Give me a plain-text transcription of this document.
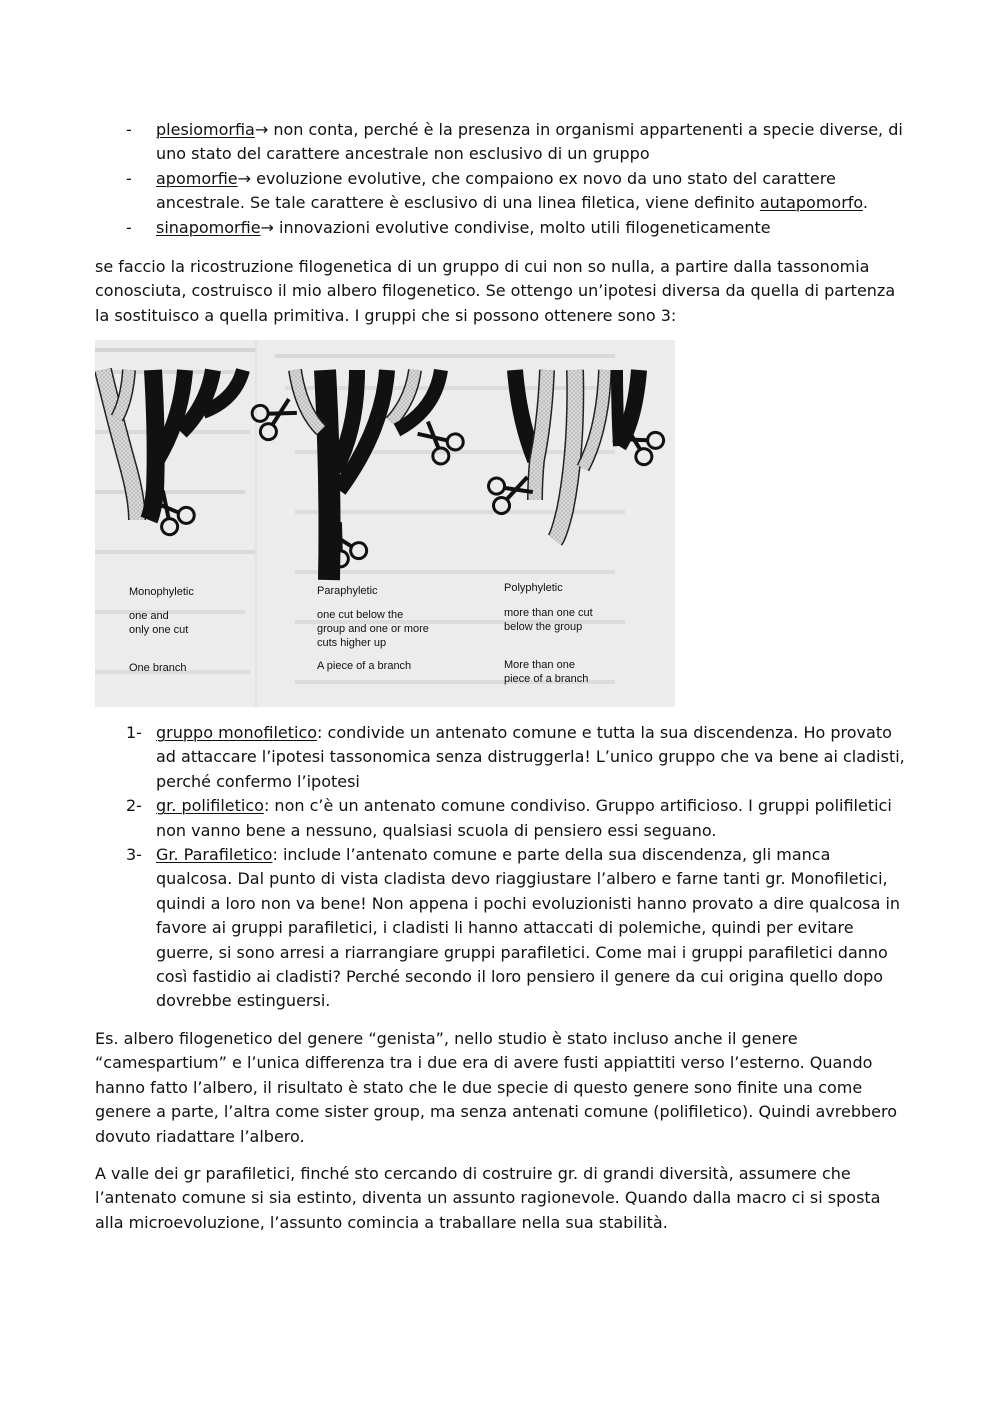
- plesiomorfia→ non conta, perché è la presenza in organismi appartenenti a specie diverse, di uno stato del carattere ancestrale non esclusivo di un gruppo
- apomorfie→ evoluzione evolutive, che compaiono ex novo da uno stato del carattere ancestrale. Se tale carattere è esclusivo di una linea filetica, viene definito autapomorfo.
- sinapomorfie→ innovazioni evolutive condivise, molto utili filogeneticamente

se faccio la ricostruzione filogenetica di un gruppo di cui non so nulla, a partire dalla tassonomia conosciuta, costruisco il mio albero filogenetico. Se ottengo un’ipotesi diversa da quella di partenza la sostituisco a quella primitiva. I gruppi che si possono ottenere sono 3:

Monophyletic
one and
only one cut
One branch
Paraphyletic
one cut below the
group and one or more
cuts higher up
A piece of a branch
Polyphyletic
more than one cut
below the group
More than one
piece of a branch
1- gruppo monofiletico: condivide un antenato comune e tutta la sua discendenza. Ho provato ad attaccare l’ipotesi tassonomica senza distruggerla! L’unico gruppo che va bene ai cladisti, perché confermo l’ipotesi
2- gr. polifiletico: non c’è un antenato comune condiviso. Gruppo artificioso. I gruppi polifiletici non vanno bene a nessuno, qualsiasi scuola di pensiero essi seguano.
3- Gr. Parafiletico: include l’antenato comune e parte della sua discendenza, gli manca qualcosa. Dal punto di vista cladista devo riaggiustare l’albero e farne tanti gr. Monofiletici, quindi a loro non va bene! Non appena i pochi evoluzionisti hanno provato a dire qualcosa in favore ai gruppi parafiletici, i cladisti li hanno attaccati di polemiche, quindi per evitare guerre, si sono arresi a riarrangiare gruppi parafiletici. Come mai i gruppi parafiletici danno così fastidio ai cladisti? Perché secondo il loro pensiero il genere da cui origina quello dopo dovrebbe estinguersi.

Es. albero filogenetico del genere “genista”, nello studio è stato incluso anche il genere “camespartium” e l’unica differenza tra i due era di avere fusti appiattiti verso l’esterno. Quando hanno fatto l’albero, il risultato è stato che le due specie di questo genere sono finite una come genere a parte, l’altra come sister group, ma senza antenati comune (polifiletico). Quindi avrebbero dovuto riadattare l’albero.

A valle dei gr parafiletici, finché sto cercando di costruire gr. di grandi diversità, assumere che l’antenato comune si sia estinto, diventa un assunto ragionevole. Quando dalla macro ci si sposta alla microevoluzione, l’assunto comincia a traballare nella sua stabilità.
